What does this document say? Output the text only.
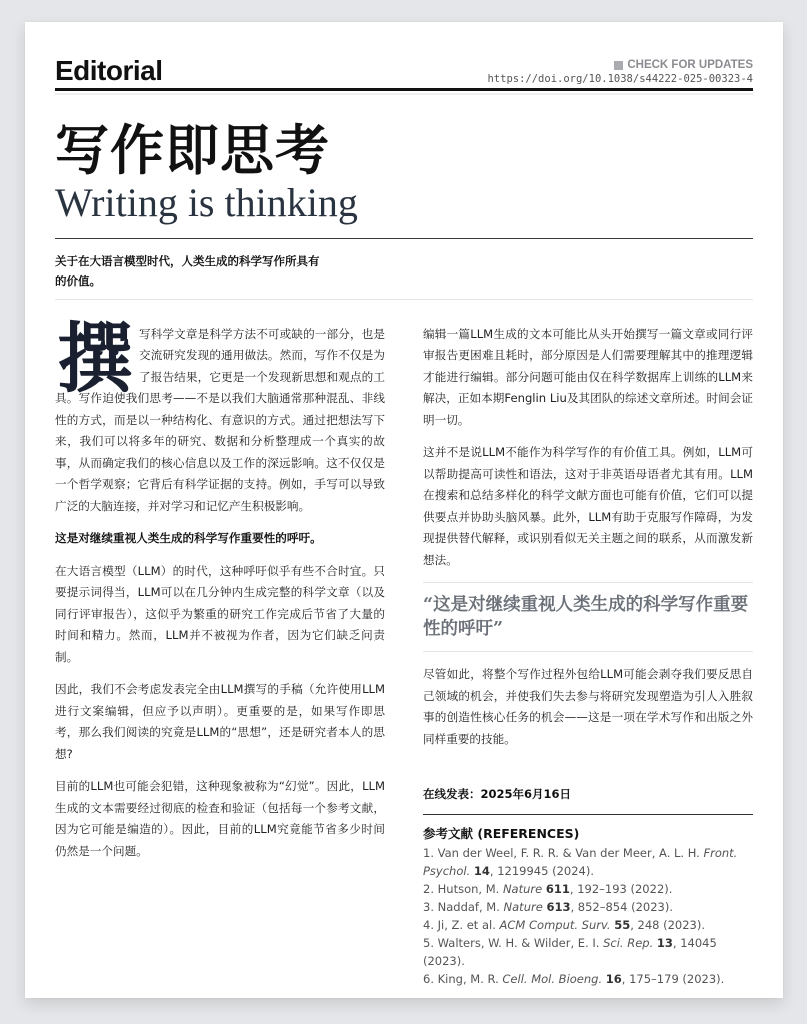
Editorial	CHECK FOR UPDATES
https://doi.org/10.1038/s44222-025-00323-4
写作即思考
Writing is thinking
关于在大语言模型时代，人类生成的科学写作所具有的价值。

撰 写科学文章是科学方法不可或缺的一部分，也是交流研究发现的通用做法。然而，写作不仅是为了报告结果，它更是一个发现新思想和观点的工具。写作迫使我们思考——不是以我们大脑通常那种混乱、非线性的方式，而是以一种结构化、有意识的方式。通过把想法写下来，我们可以将多年的研究、数据和分析整理成一个真实的故事，从而确定我们的核心信息以及工作的深远影响。这不仅仅是一个哲学观察；它背后有科学证据的支持。例如，手写可以导致广泛的大脑连接，并对学习和记忆产生积极影响。

这是对继续重视人类生成的科学写作重要性的呼吁。

在大语言模型（LLM）的时代，这种呼吁似乎有些不合时宜。只要提示词得当，LLM可以在几分钟内生成完整的科学文章（以及同行评审报告），这似乎为繁重的研究工作完成后节省了大量的时间和精力。然而，LLM并不被视为作者，因为它们缺乏问责制。

因此，我们不会考虑发表完全由LLM撰写的手稿（允许使用LLM进行文案编辑，但应予以声明）。更重要的是，如果写作即思考，那么我们阅读的究竟是LLM的“思想”，还是研究者本人的思想?

目前的LLM也可能会犯错，这种现象被称为“幻觉”。因此，LLM生成的文本需要经过彻底的检查和验证（包括每一个参考文献，因为它可能是编造的）。因此，目前的LLM究竟能节省多少时间仍然是一个问题。

编辑一篇LLM生成的文本可能比从头开始撰写一篇文章或同行评审报告更困难且耗时，部分原因是人们需要理解其中的推理逻辑才能进行编辑。部分问题可能由仅在科学数据库上训练的LLM来解决，正如本期Fenglin Liu及其团队的综述文章所述。时间会证明一切。

这并不是说LLM不能作为科学写作的有价值工具。例如，LLM可以帮助提高可读性和语法，这对于非英语母语者尤其有用。LLM在搜索和总结多样化的科学文献方面也可能有价值，它们可以提供要点并协助头脑风暴。此外，LLM有助于克服写作障碍，为发现提供替代解释，或识别看似无关主题之间的联系，从而激发新想法。

“这是对继续重视人类生成的科学写作重要性的呼吁”

尽管如此，将整个写作过程外包给LLM可能会剥夺我们要反思自己领域的机会，并使我们失去参与将研究发现塑造为引人入胜叙事的创造性核心任务的机会——这是一项在学术写作和出版之外同样重要的技能。

在线发表：2025年6月16日
参考文献 (REFERENCES)
1. Van der Weel, F. R. R. & Van der Meer, A. L. H. Front. Psychol. 14, 1219945 (2024).
2. Hutson, M. Nature 611, 192–193 (2022).
3. Naddaf, M. Nature 613, 852–854 (2023).
4. Ji, Z. et al. ACM Comput. Surv. 55, 248 (2023).
5. Walters, W. H. & Wilder, E. I. Sci. Rep. 13, 14045 (2023).
6. King, M. R. Cell. Mol. Bioeng. 16, 175–179 (2023).
